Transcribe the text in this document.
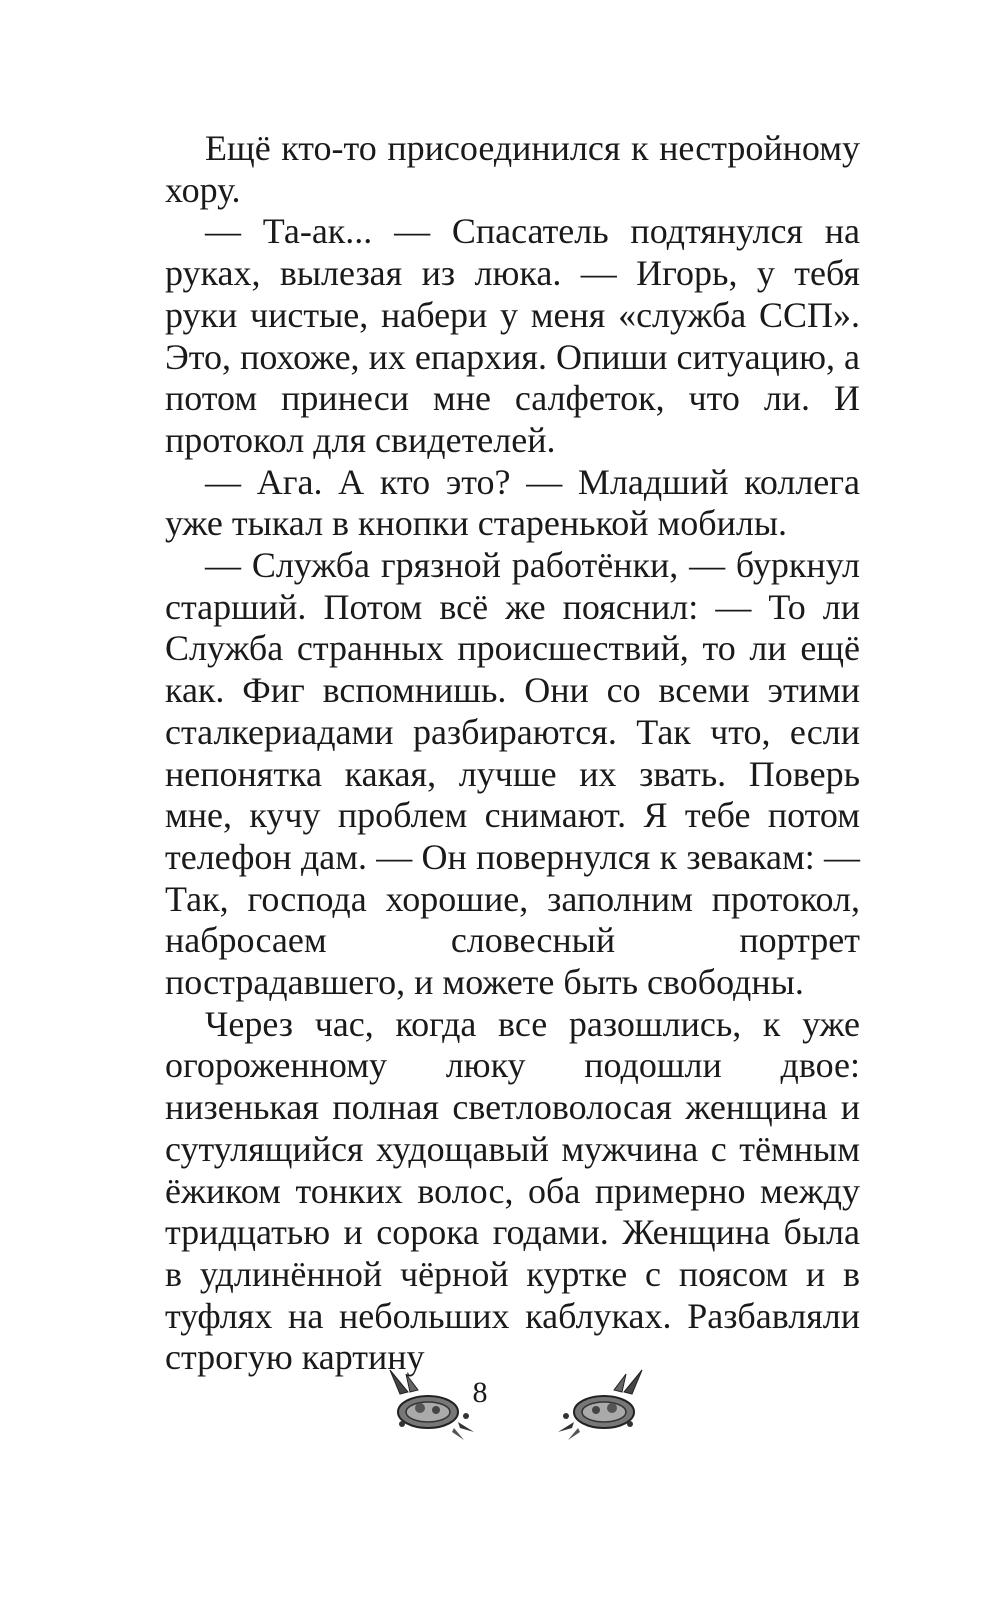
Ещё кто-то присоединился к нестройному хору.

— Та-ак... — Спасатель подтянулся на руках, вылезая из люка. — Игорь, у тебя руки чистые, набери у меня «служба ССП». Это, похоже, их епархия. Опиши ситуацию, а потом принеси мне салфеток, что ли. И протокол для свидетелей.

— Ага. А кто это? — Младший коллега уже тыкал в кнопки старенькой мобилы.

— Служба грязной работёнки, — буркнул старший. Потом всё же пояснил: — То ли Служба странных происшествий, то ли ещё как. Фиг вспомнишь. Они со всеми этими сталкериадами разбираются. Так что, если непонятка какая, лучше их звать. Поверь мне, кучу проблем снимают. Я тебе потом телефон дам. — Он повернулся к зевакам: — Так, господа хорошие, заполним протокол, набросаем словесный портрет пострадавшего, и можете быть свободны.

Через час, когда все разошлись, к уже огороженному люку подошли двое: низенькая полная светловолосая женщина и сутулящийся худощавый мужчина с тёмным ёжиком тонких волос, оба примерно между тридцатью и сорока годами. Женщина была в удлинённой чёрной куртке с поясом и в туфлях на небольших каблуках. Разбавляли строгую картину

8
